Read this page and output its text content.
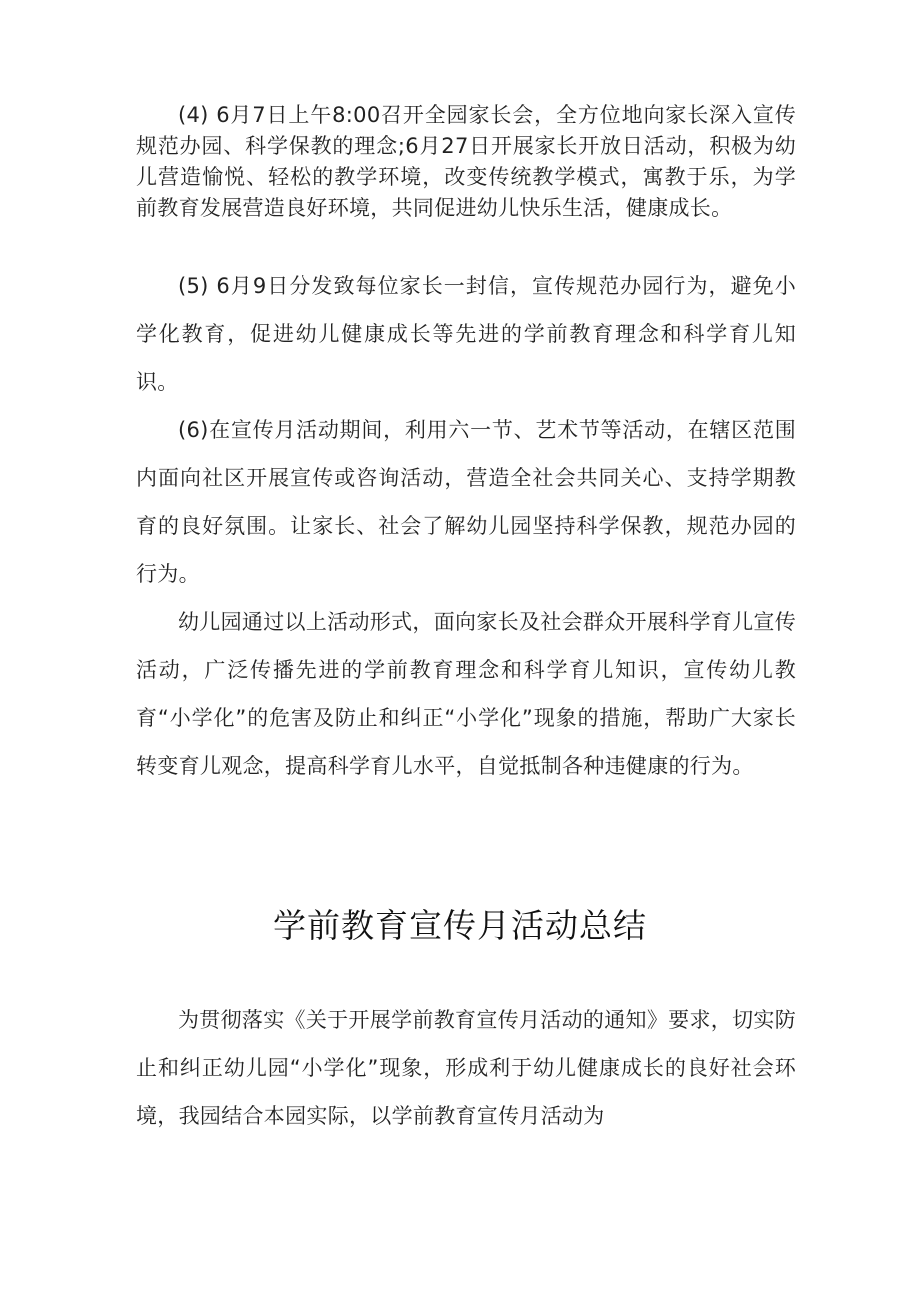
(4) 6月7日上午8:00召开全园家长会，全方位地向家长深入宣传规范办园、科学保教的理念;6月27日开展家长开放日活动，积极为幼儿营造愉悦、轻松的教学环境，改变传统教学模式，寓教于乐，为学前教育发展营造良好环境，共同促进幼儿快乐生活，健康成长。

(5) 6月9日分发致每位家长一封信，宣传规范办园行为，避免小学化教育，促进幼儿健康成长等先进的学前教育理念和科学育儿知识。

(6)在宣传月活动期间，利用六一节、艺术节等活动，在辖区范围内面向社区开展宣传或咨询活动，营造全社会共同关心、支持学期教育的良好氛围。让家长、社会了解幼儿园坚持科学保教，规范办园的行为。

幼儿园通过以上活动形式，面向家长及社会群众开展科学育儿宣传活动，广泛传播先进的学前教育理念和科学育儿知识，宣传幼儿教育“小学化”的危害及防止和纠正“小学化”现象的措施，帮助广大家长转变育儿观念，提高科学育儿水平，自觉抵制各种违健康的行为。

学前教育宣传月活动总结

为贯彻落实《关于开展学前教育宣传月活动的通知》要求，切实防止和纠正幼儿园“小学化”现象，形成利于幼儿健康成长的良好社会环境，我园结合本园实际，以学前教育宣传月活动为
